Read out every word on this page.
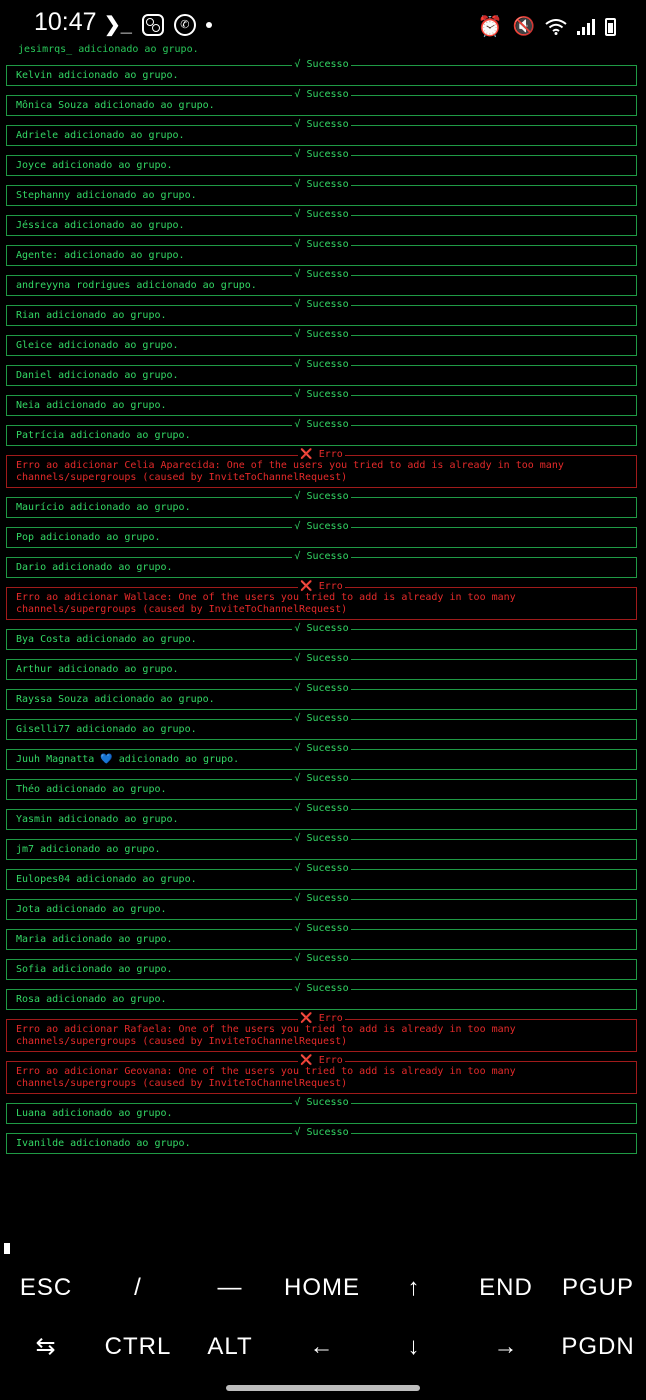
10:47 ❯_	✆	⏰ 🔇
jesimrqs_ adicionado ao grupo.
√ Sucesso
Kelvin adicionado ao grupo.
√ Sucesso
Mônica Souza adicionado ao grupo.
√ Sucesso
Adriele adicionado ao grupo.
√ Sucesso
Joyce adicionado ao grupo.
√ Sucesso
Stephanny adicionado ao grupo.
√ Sucesso
Jéssica adicionado ao grupo.
√ Sucesso
Agente: adicionado ao grupo.
√ Sucesso
andreyyna rodrigues adicionado ao grupo.
√ Sucesso
Rian adicionado ao grupo.
√ Sucesso
Gleice adicionado ao grupo.
√ Sucesso
Daniel adicionado ao grupo.
√ Sucesso
Neia adicionado ao grupo.
√ Sucesso
Patrícia adicionado ao grupo.
❌ Erro
Erro ao adicionar Celia Aparecida: One of the users you tried to add is already in too many channels/supergroups (caused by InviteToChannelRequest)
√ Sucesso
Maurício adicionado ao grupo.
√ Sucesso
Pop adicionado ao grupo.
√ Sucesso
Dario adicionado ao grupo.
❌ Erro
Erro ao adicionar Wallace: One of the users you tried to add is already in too many channels/supergroups (caused by InviteToChannelRequest)
√ Sucesso
Bya Costa adicionado ao grupo.
√ Sucesso
Arthur adicionado ao grupo.
√ Sucesso
Rayssa Souza adicionado ao grupo.
√ Sucesso
Giselli77 adicionado ao grupo.
√ Sucesso
Juuh Magnatta 💙 adicionado ao grupo.
√ Sucesso
Théo adicionado ao grupo.
√ Sucesso
Yasmin adicionado ao grupo.
√ Sucesso
jm7 adicionado ao grupo.
√ Sucesso
Eulopes04 adicionado ao grupo.
√ Sucesso
Jota adicionado ao grupo.
√ Sucesso
Maria adicionado ao grupo.
√ Sucesso
Sofia adicionado ao grupo.
√ Sucesso
Rosa adicionado ao grupo.
❌ Erro
Erro ao adicionar Rafaela: One of the users you tried to add is already in too many channels/supergroups (caused by InviteToChannelRequest)
❌ Erro
Erro ao adicionar Geovana: One of the users you tried to add is already in too many channels/supergroups (caused by InviteToChannelRequest)
√ Sucesso
Luana adicionado ao grupo.
√ Sucesso
Ivanilde adicionado ao grupo.
ESC	/	—	HOME	↑	END	PGUP
⇆	CTRL	ALT	←	↓	→	PGDN
